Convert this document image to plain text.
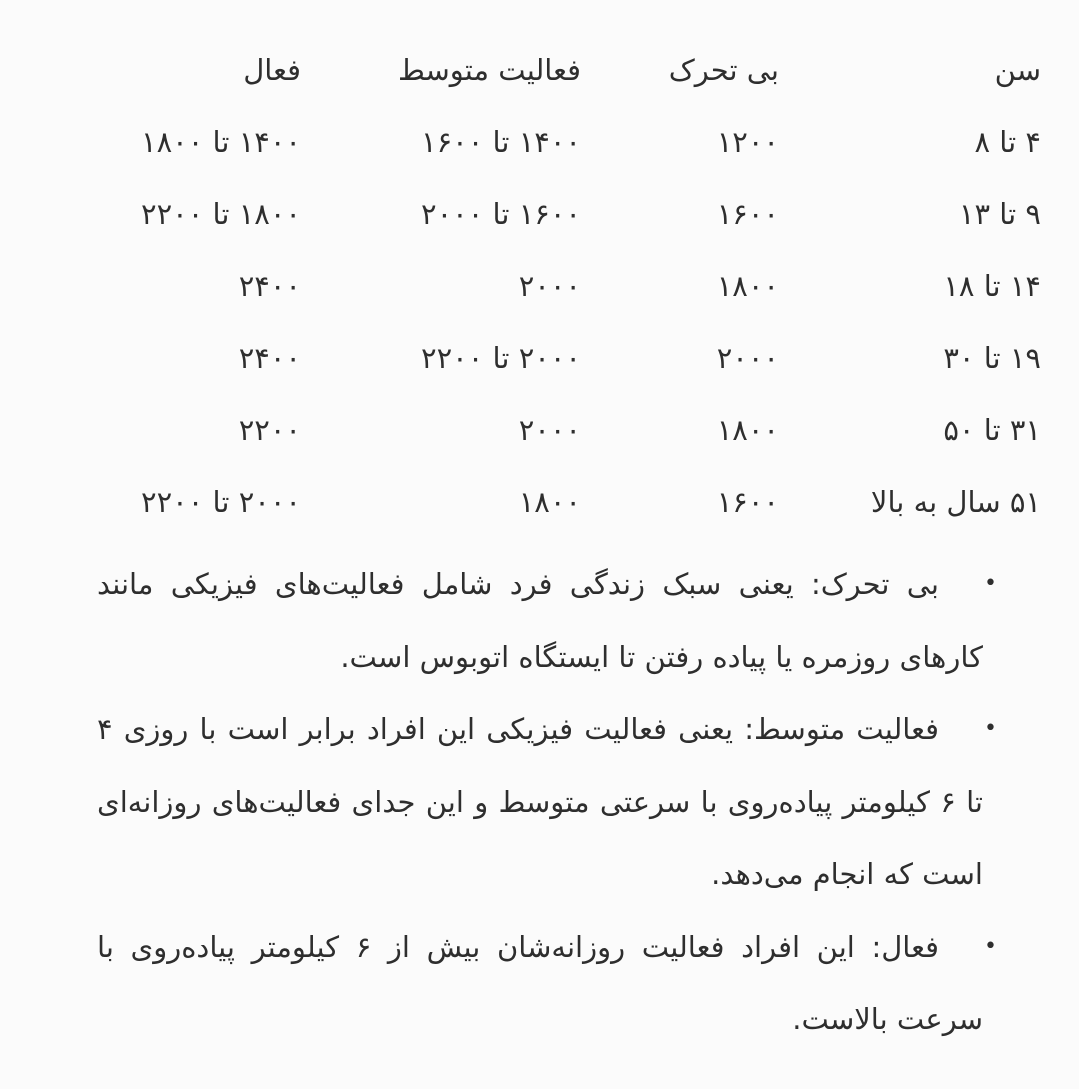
سن	بی تحرک	فعالیت متوسط	فعال
۴ تا ۸	۱۲۰۰	۱۴۰۰ تا ۱۶۰۰	۱۴۰۰ تا ۱۸۰۰
۹ تا ۱۳	۱۶۰۰	۱۶۰۰ تا ۲۰۰۰	۱۸۰۰ تا ۲۲۰۰
۱۴ تا ۱۸	۱۸۰۰	۲۰۰۰	۲۴۰۰
۱۹ تا ۳۰	۲۰۰۰	۲۰۰۰ تا ۲۲۰۰	۲۴۰۰
۳۱ تا ۵۰	۱۸۰۰	۲۰۰۰	۲۲۰۰
۵۱ سال به بالا	۱۶۰۰	۱۸۰۰	۲۰۰۰ تا ۲۲۰۰
•
بی تحرک: یعنی سبک زندگی فرد شامل فعالیت‌های فیزیکی مانند کارهای روزمره یا پیاده رفتن تا ایستگاه اتوبوس است.
•
فعالیت متوسط: یعنی فعالیت فیزیکی این افراد برابر است با روزی ۴ تا ۶ کیلومتر پیاده‌روی با سرعتی متوسط و این جدای فعالیت‌های روزانه‌ای است که انجام می‌دهد.
•
فعال: این افراد فعالیت روزانه‌شان بیش از ۶ کیلومتر پیاده‌روی با سرعت بالاست.
